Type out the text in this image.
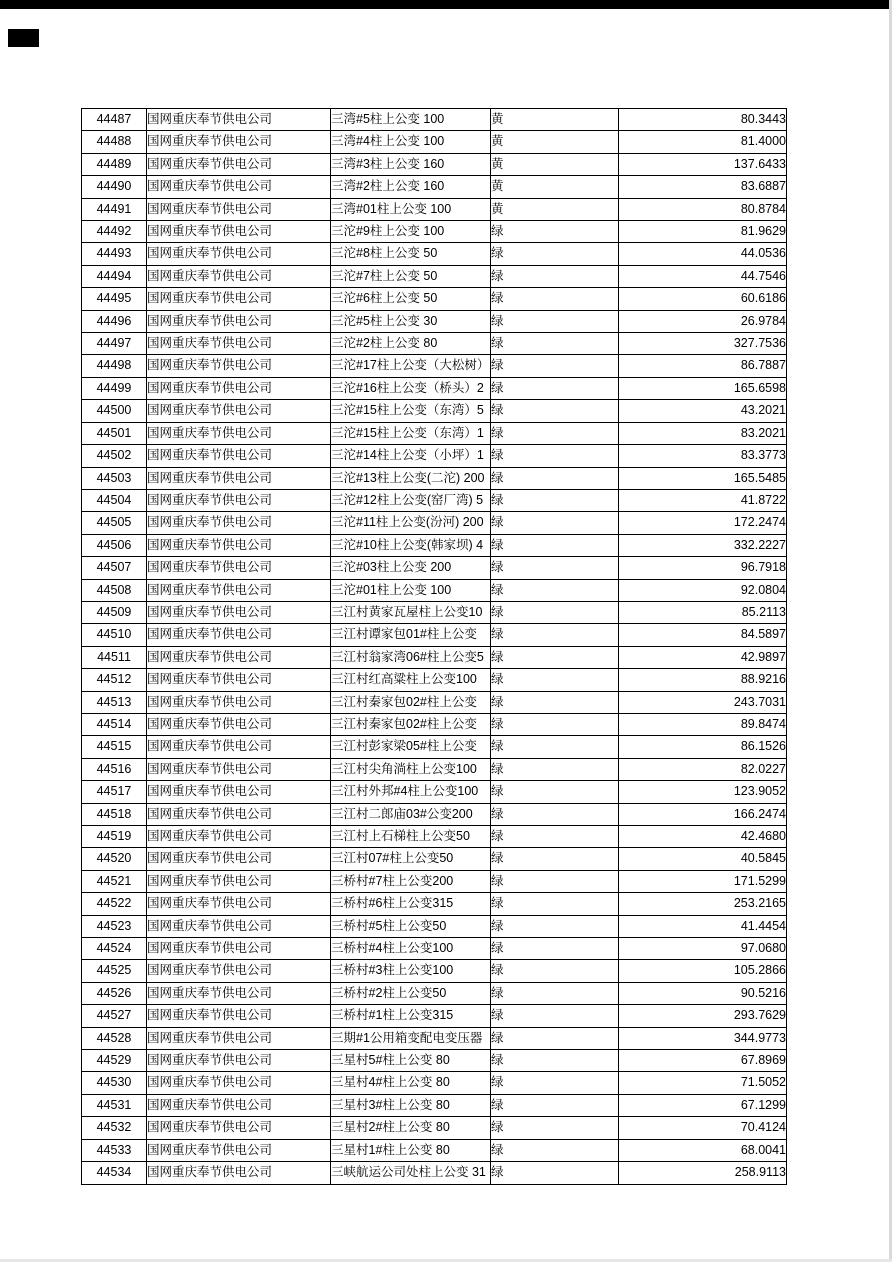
44487	国网重庆奉节供电公司	三湾#5柱上公变 100	黄	80.3443
44488	国网重庆奉节供电公司	三湾#4柱上公变 100	黄	81.4000
44489	国网重庆奉节供电公司	三湾#3柱上公变 160	黄	137.6433
44490	国网重庆奉节供电公司	三湾#2柱上公变 160	黄	83.6887
44491	国网重庆奉节供电公司	三湾#01柱上公变 100	黄	80.8784
44492	国网重庆奉节供电公司	三沱#9柱上公变 100	绿	81.9629
44493	国网重庆奉节供电公司	三沱#8柱上公变 50	绿	44.0536
44494	国网重庆奉节供电公司	三沱#7柱上公变 50	绿	44.7546
44495	国网重庆奉节供电公司	三沱#6柱上公变 50	绿	60.6186
44496	国网重庆奉节供电公司	三沱#5柱上公变 30	绿	26.9784
44497	国网重庆奉节供电公司	三沱#2柱上公变 80	绿	327.7536
44498	国网重庆奉节供电公司	三沱#17柱上公变（大松树）	绿	86.7887
44499	国网重庆奉节供电公司	三沱#16柱上公变（桥头）2	绿	165.6598
44500	国网重庆奉节供电公司	三沱#15柱上公变（东湾）5	绿	43.2021
44501	国网重庆奉节供电公司	三沱#15柱上公变（东湾）1	绿	83.2021
44502	国网重庆奉节供电公司	三沱#14柱上公变（小坪）1	绿	83.3773
44503	国网重庆奉节供电公司	三沱#13柱上公变(二沱) 200	绿	165.5485
44504	国网重庆奉节供电公司	三沱#12柱上公变(窑厂湾) 5	绿	41.8722
44505	国网重庆奉节供电公司	三沱#11柱上公变(汾河) 200	绿	172.2474
44506	国网重庆奉节供电公司	三沱#10柱上公变(韩家坝) 4	绿	332.2227
44507	国网重庆奉节供电公司	三沱#03柱上公变 200	绿	96.7918
44508	国网重庆奉节供电公司	三沱#01柱上公变 100	绿	92.0804
44509	国网重庆奉节供电公司	三江村黄家瓦屋柱上公变10	绿	85.2113
44510	国网重庆奉节供电公司	三江村谭家包01#柱上公变	绿	84.5897
44511	国网重庆奉节供电公司	三江村翁家湾06#柱上公变5	绿	42.9897
44512	国网重庆奉节供电公司	三江村红高粱柱上公变100	绿	88.9216
44513	国网重庆奉节供电公司	三江村秦家包02#柱上公变	绿	243.7031
44514	国网重庆奉节供电公司	三江村秦家包02#柱上公变	绿	89.8474
44515	国网重庆奉节供电公司	三江村彭家梁05#柱上公变	绿	86.1526
44516	国网重庆奉节供电公司	三江村尖角淌柱上公变100	绿	82.0227
44517	国网重庆奉节供电公司	三江村外邦#4柱上公变100	绿	123.9052
44518	国网重庆奉节供电公司	三江村二郎庙03#公变200	绿	166.2474
44519	国网重庆奉节供电公司	三江村上石梯柱上公变50	绿	42.4680
44520	国网重庆奉节供电公司	三江村07#柱上公变50	绿	40.5845
44521	国网重庆奉节供电公司	三桥村#7柱上公变200	绿	171.5299
44522	国网重庆奉节供电公司	三桥村#6柱上公变315	绿	253.2165
44523	国网重庆奉节供电公司	三桥村#5柱上公变50	绿	41.4454
44524	国网重庆奉节供电公司	三桥村#4柱上公变100	绿	97.0680
44525	国网重庆奉节供电公司	三桥村#3柱上公变100	绿	105.2866
44526	国网重庆奉节供电公司	三桥村#2柱上公变50	绿	90.5216
44527	国网重庆奉节供电公司	三桥村#1柱上公变315	绿	293.7629
44528	国网重庆奉节供电公司	三期#1公用箱变配电变压器	绿	344.9773
44529	国网重庆奉节供电公司	三星村5#柱上公变 80	绿	67.8969
44530	国网重庆奉节供电公司	三星村4#柱上公变 80	绿	71.5052
44531	国网重庆奉节供电公司	三星村3#柱上公变 80	绿	67.1299
44532	国网重庆奉节供电公司	三星村2#柱上公变 80	绿	70.4124
44533	国网重庆奉节供电公司	三星村1#柱上公变 80	绿	68.0041
44534	国网重庆奉节供电公司	三峡航运公司处柱上公变 31	绿	258.9113
